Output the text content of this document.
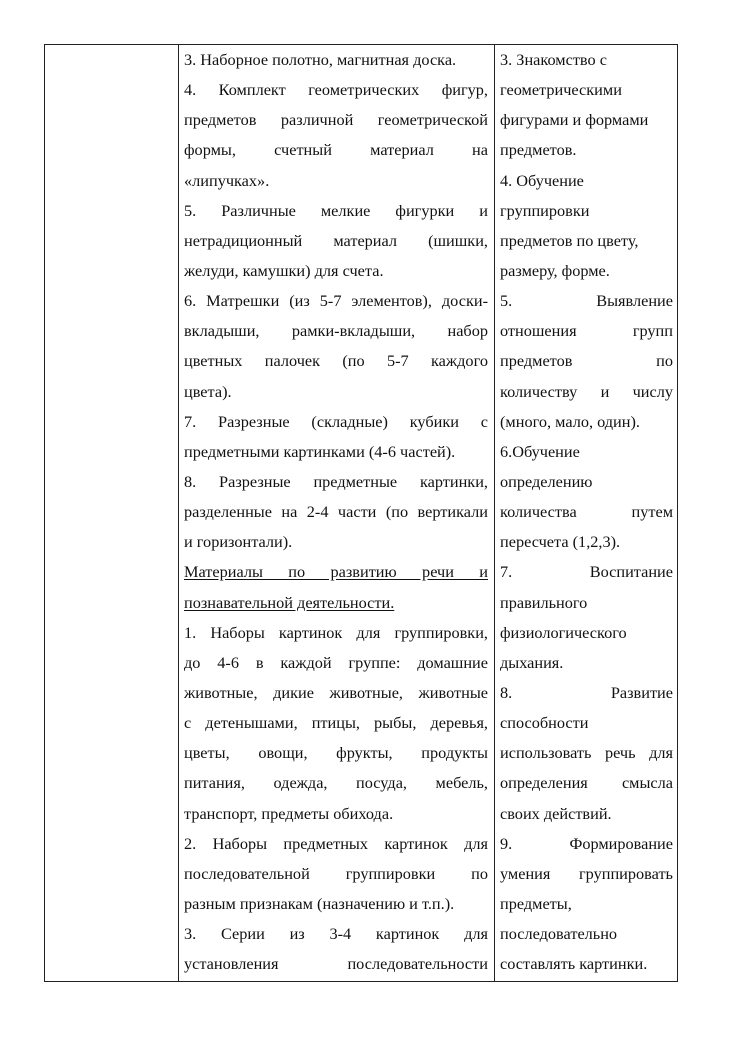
3. Наборное полотно, магнитная доска.
4. Комплект геометрических фигур,
предметов различной геометрической
формы, счетный материал на
«липучках».
5. Различные мелкие фигурки и
нетрадиционный материал (шишки,
желуди, камушки) для счета.
6. Матрешки (из 5-7 элементов), доски-
вкладыши, рамки-вкладыши, набор
цветных палочек (по 5-7 каждого
цвета).
7. Разрезные (складные) кубики с
предметными картинками (4-6 частей).
8. Разрезные предметные картинки,
разделенные на 2-4 части (по вертикали
и горизонтали).
Материалы по развитию речи и
познавательной деятельности.
1. Наборы картинок для группировки,
до 4-6 в каждой группе: домашние
животные, дикие животные, животные
с детенышами, птицы, рыбы, деревья,
цветы, овощи, фрукты, продукты
питания, одежда, посуда, мебель,
транспорт, предметы обихода.
2. Наборы предметных картинок для
последовательной группировки по
разным признакам (назначению и т.п.).
3. Серии из 3-4 картинок для
установления последовательности
3. Знакомство с
геометрическими
фигурами и формами
предметов.
4. Обучение
группировки
предметов по цвету,
размеру, форме.
5. Выявление
отношения групп
предметов по
количеству и числу
(много, мало, один).
6.Обучение
определению
количества путем
пересчета (1,2,3).
7. Воспитание
правильного
физиологического
дыхания.
8. Развитие
способности
использовать речь для
определения смысла
своих действий.
9. Формирование
умения группировать
предметы,
последовательно
составлять картинки.
